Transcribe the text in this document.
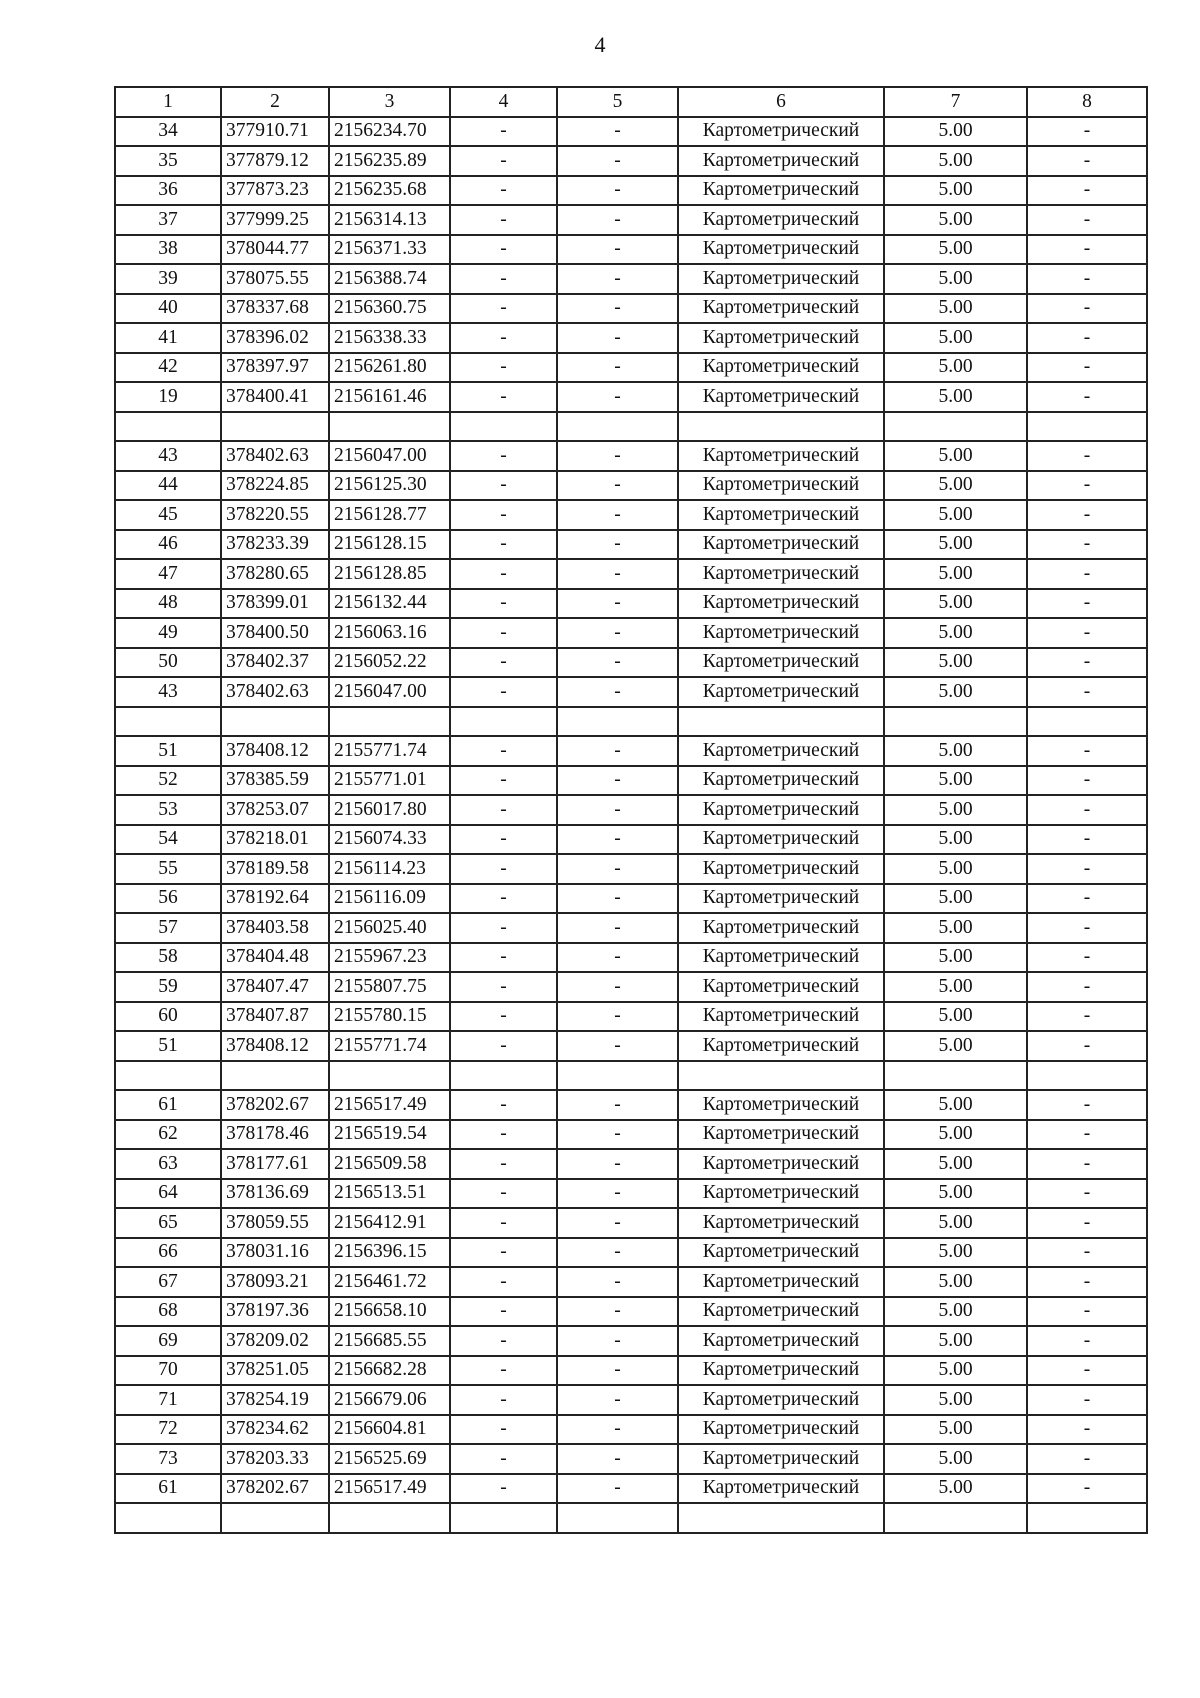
4
1	2	3	4	5	6	7	8
34	377910.71	2156234.70	-	-	Картометрический	5.00	-
35	377879.12	2156235.89	-	-	Картометрический	5.00	-
36	377873.23	2156235.68	-	-	Картометрический	5.00	-
37	377999.25	2156314.13	-	-	Картометрический	5.00	-
38	378044.77	2156371.33	-	-	Картометрический	5.00	-
39	378075.55	2156388.74	-	-	Картометрический	5.00	-
40	378337.68	2156360.75	-	-	Картометрический	5.00	-
41	378396.02	2156338.33	-	-	Картометрический	5.00	-
42	378397.97	2156261.80	-	-	Картометрический	5.00	-
19	378400.41	2156161.46	-	-	Картометрический	5.00	-

43	378402.63	2156047.00	-	-	Картометрический	5.00	-
44	378224.85	2156125.30	-	-	Картометрический	5.00	-
45	378220.55	2156128.77	-	-	Картометрический	5.00	-
46	378233.39	2156128.15	-	-	Картометрический	5.00	-
47	378280.65	2156128.85	-	-	Картометрический	5.00	-
48	378399.01	2156132.44	-	-	Картометрический	5.00	-
49	378400.50	2156063.16	-	-	Картометрический	5.00	-
50	378402.37	2156052.22	-	-	Картометрический	5.00	-
43	378402.63	2156047.00	-	-	Картометрический	5.00	-

51	378408.12	2155771.74	-	-	Картометрический	5.00	-
52	378385.59	2155771.01	-	-	Картометрический	5.00	-
53	378253.07	2156017.80	-	-	Картометрический	5.00	-
54	378218.01	2156074.33	-	-	Картометрический	5.00	-
55	378189.58	2156114.23	-	-	Картометрический	5.00	-
56	378192.64	2156116.09	-	-	Картометрический	5.00	-
57	378403.58	2156025.40	-	-	Картометрический	5.00	-
58	378404.48	2155967.23	-	-	Картометрический	5.00	-
59	378407.47	2155807.75	-	-	Картометрический	5.00	-
60	378407.87	2155780.15	-	-	Картометрический	5.00	-
51	378408.12	2155771.74	-	-	Картометрический	5.00	-

61	378202.67	2156517.49	-	-	Картометрический	5.00	-
62	378178.46	2156519.54	-	-	Картометрический	5.00	-
63	378177.61	2156509.58	-	-	Картометрический	5.00	-
64	378136.69	2156513.51	-	-	Картометрический	5.00	-
65	378059.55	2156412.91	-	-	Картометрический	5.00	-
66	378031.16	2156396.15	-	-	Картометрический	5.00	-
67	378093.21	2156461.72	-	-	Картометрический	5.00	-
68	378197.36	2156658.10	-	-	Картометрический	5.00	-
69	378209.02	2156685.55	-	-	Картометрический	5.00	-
70	378251.05	2156682.28	-	-	Картометрический	5.00	-
71	378254.19	2156679.06	-	-	Картометрический	5.00	-
72	378234.62	2156604.81	-	-	Картометрический	5.00	-
73	378203.33	2156525.69	-	-	Картометрический	5.00	-
61	378202.67	2156517.49	-	-	Картометрический	5.00	-
